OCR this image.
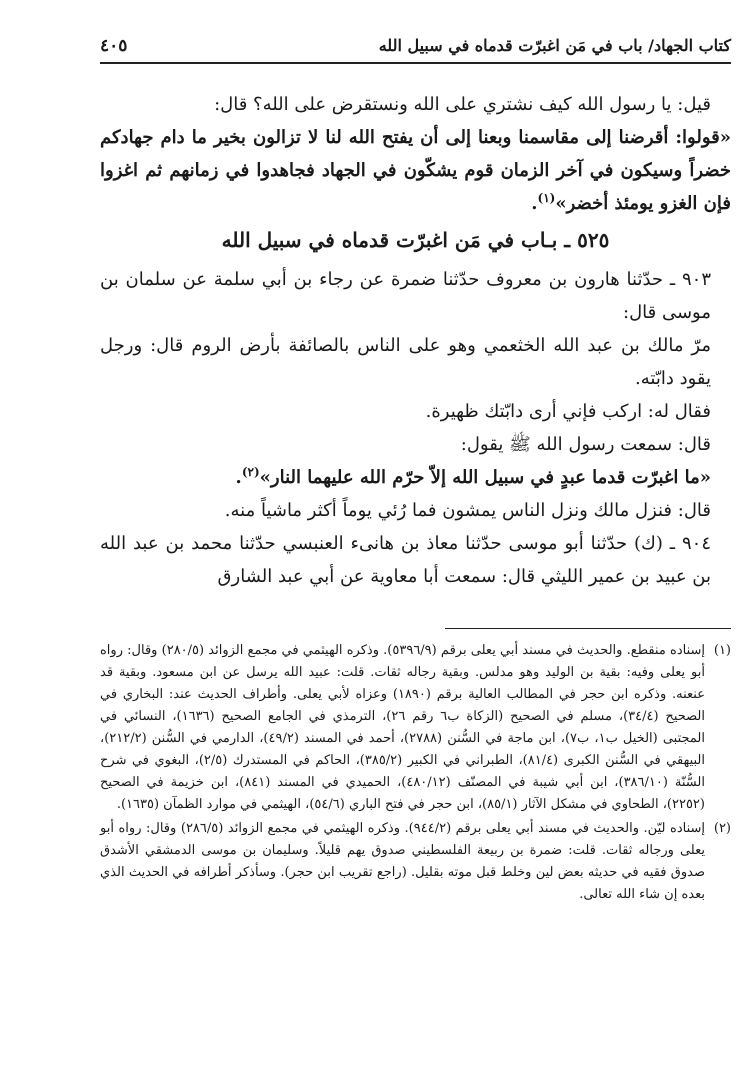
كتاب الجهاد/ باب في مَن اغبرّت قدماه في سبيل الله
٤٠٥

قيل: يا رسول الله كيف نشتري على الله ونستقرض على الله؟ قال:

«قولوا: أقرضنا إلى مقاسمنا وبعنا إلى أن يفتح الله لنا لا تزالون بخير ما دام جهادكم خضراً وسيكون في آخر الزمان قوم يشكّون في الجهاد فجاهدوا في زمانهم ثم اغزوا فإن الغزو يومئذ أخضر»$^{(١)}$.

٥٢٥ ـ بـاب في مَن اغبرّت قدماه في سبيل الله

٩٠٣ ـ حدّثنا هارون بن معروف حدّثنا ضمرة عن رجاء بن أبي سلمة عن سلمان بن موسى قال:

مرّ مالك بن عبد الله الخثعمي وهو على الناس بالصائفة بأرض الروم قال: ورجل يقود دابّته.

فقال له: اركب فإني أرى دابّتك ظهيرة.

قال: سمعت رسول الله ﷺ يقول:

«ما اغبرّت قدما عبدٍ في سبيل الله إلاّ حرّم الله عليهما النار»$^{(٢)}$.

قال: فنزل مالك ونزل الناس يمشون فما رُئي يوماً أكثر ماشياً منه.

٩٠٤ ـ (ك) حدّثنا أبو موسى حدّثنا معاذ بن هانىء العنبسي حدّثنا محمد بن عبد الله بن عبيد بن عمير الليثي قال: سمعت أبا معاوية عن أبي عبد الشارق

(١)
إسناده منقطع. والحديث في مسند أبي يعلى برقم (٥٣٩٦/٩). وذكره الهيثمي في مجمع الزوائد (٢٨٠/٥) وقال: رواه أبو يعلى وفيه: بقية بن الوليد وهو مدلس. وبقية رجاله ثقات. قلت: عبيد الله يرسل عن ابن مسعود. وبقية قد عنعنه. وذكره ابن حجر في المطالب العالية برقم (١٨٩٠) وعزاه لأبي يعلى. وأطراف الحديث عند: البخاري في الصحيح (٣٤/٤)، مسلم في الصحيح (الزكاة ب٦ رقم ٢٦)، الترمذي في الجامع الصحيح (١٦٣٦)، النسائي في المجتبى (الخيل ب١، ب٧)، ابن ماجة في السُّنن (٢٧٨٨)، أحمد في المسند (٤٩/٢)، الدارمي في السُّنن (٢١٢/٢)، البيهقي في السُّنن الكبرى (٨١/٤)، الطبراني في الكبير (٣٨٥/٢)، الحاكم في المستدرك (٢/٥)، البغوي في شرح السُّنّة (٣٨٦/١٠)، ابن أبي شيبة في المصنّف (٤٨٠/١٢)، الحميدي في المسند (٨٤١)، ابن خزيمة في الصحيح (٢٢٥٢)، الطحاوي في مشكل الآثار (٨٥/١)، ابن حجر في فتح الباري (٥٤/٦)، الهيثمي في موارد الظمآن (١٦٣٥).
(٢)
إسناده ليّن. والحديث في مسند أبي يعلى برقم (٩٤٤/٢). وذكره الهيثمي في مجمع الزوائد (٢٨٦/٥) وقال: رواه أبو يعلى ورجاله ثقات. قلت: ضمرة بن ربيعة الفلسطيني صدوق يهم قليلاً. وسليمان بن موسى الدمشقي الأشدق صدوق فقيه في حديثه بعض لين وخلط قبل موته بقليل. (راجع تقريب ابن حجر). وسأذكر أطرافه في الحديث الذي بعده إن شاء الله تعالى.
